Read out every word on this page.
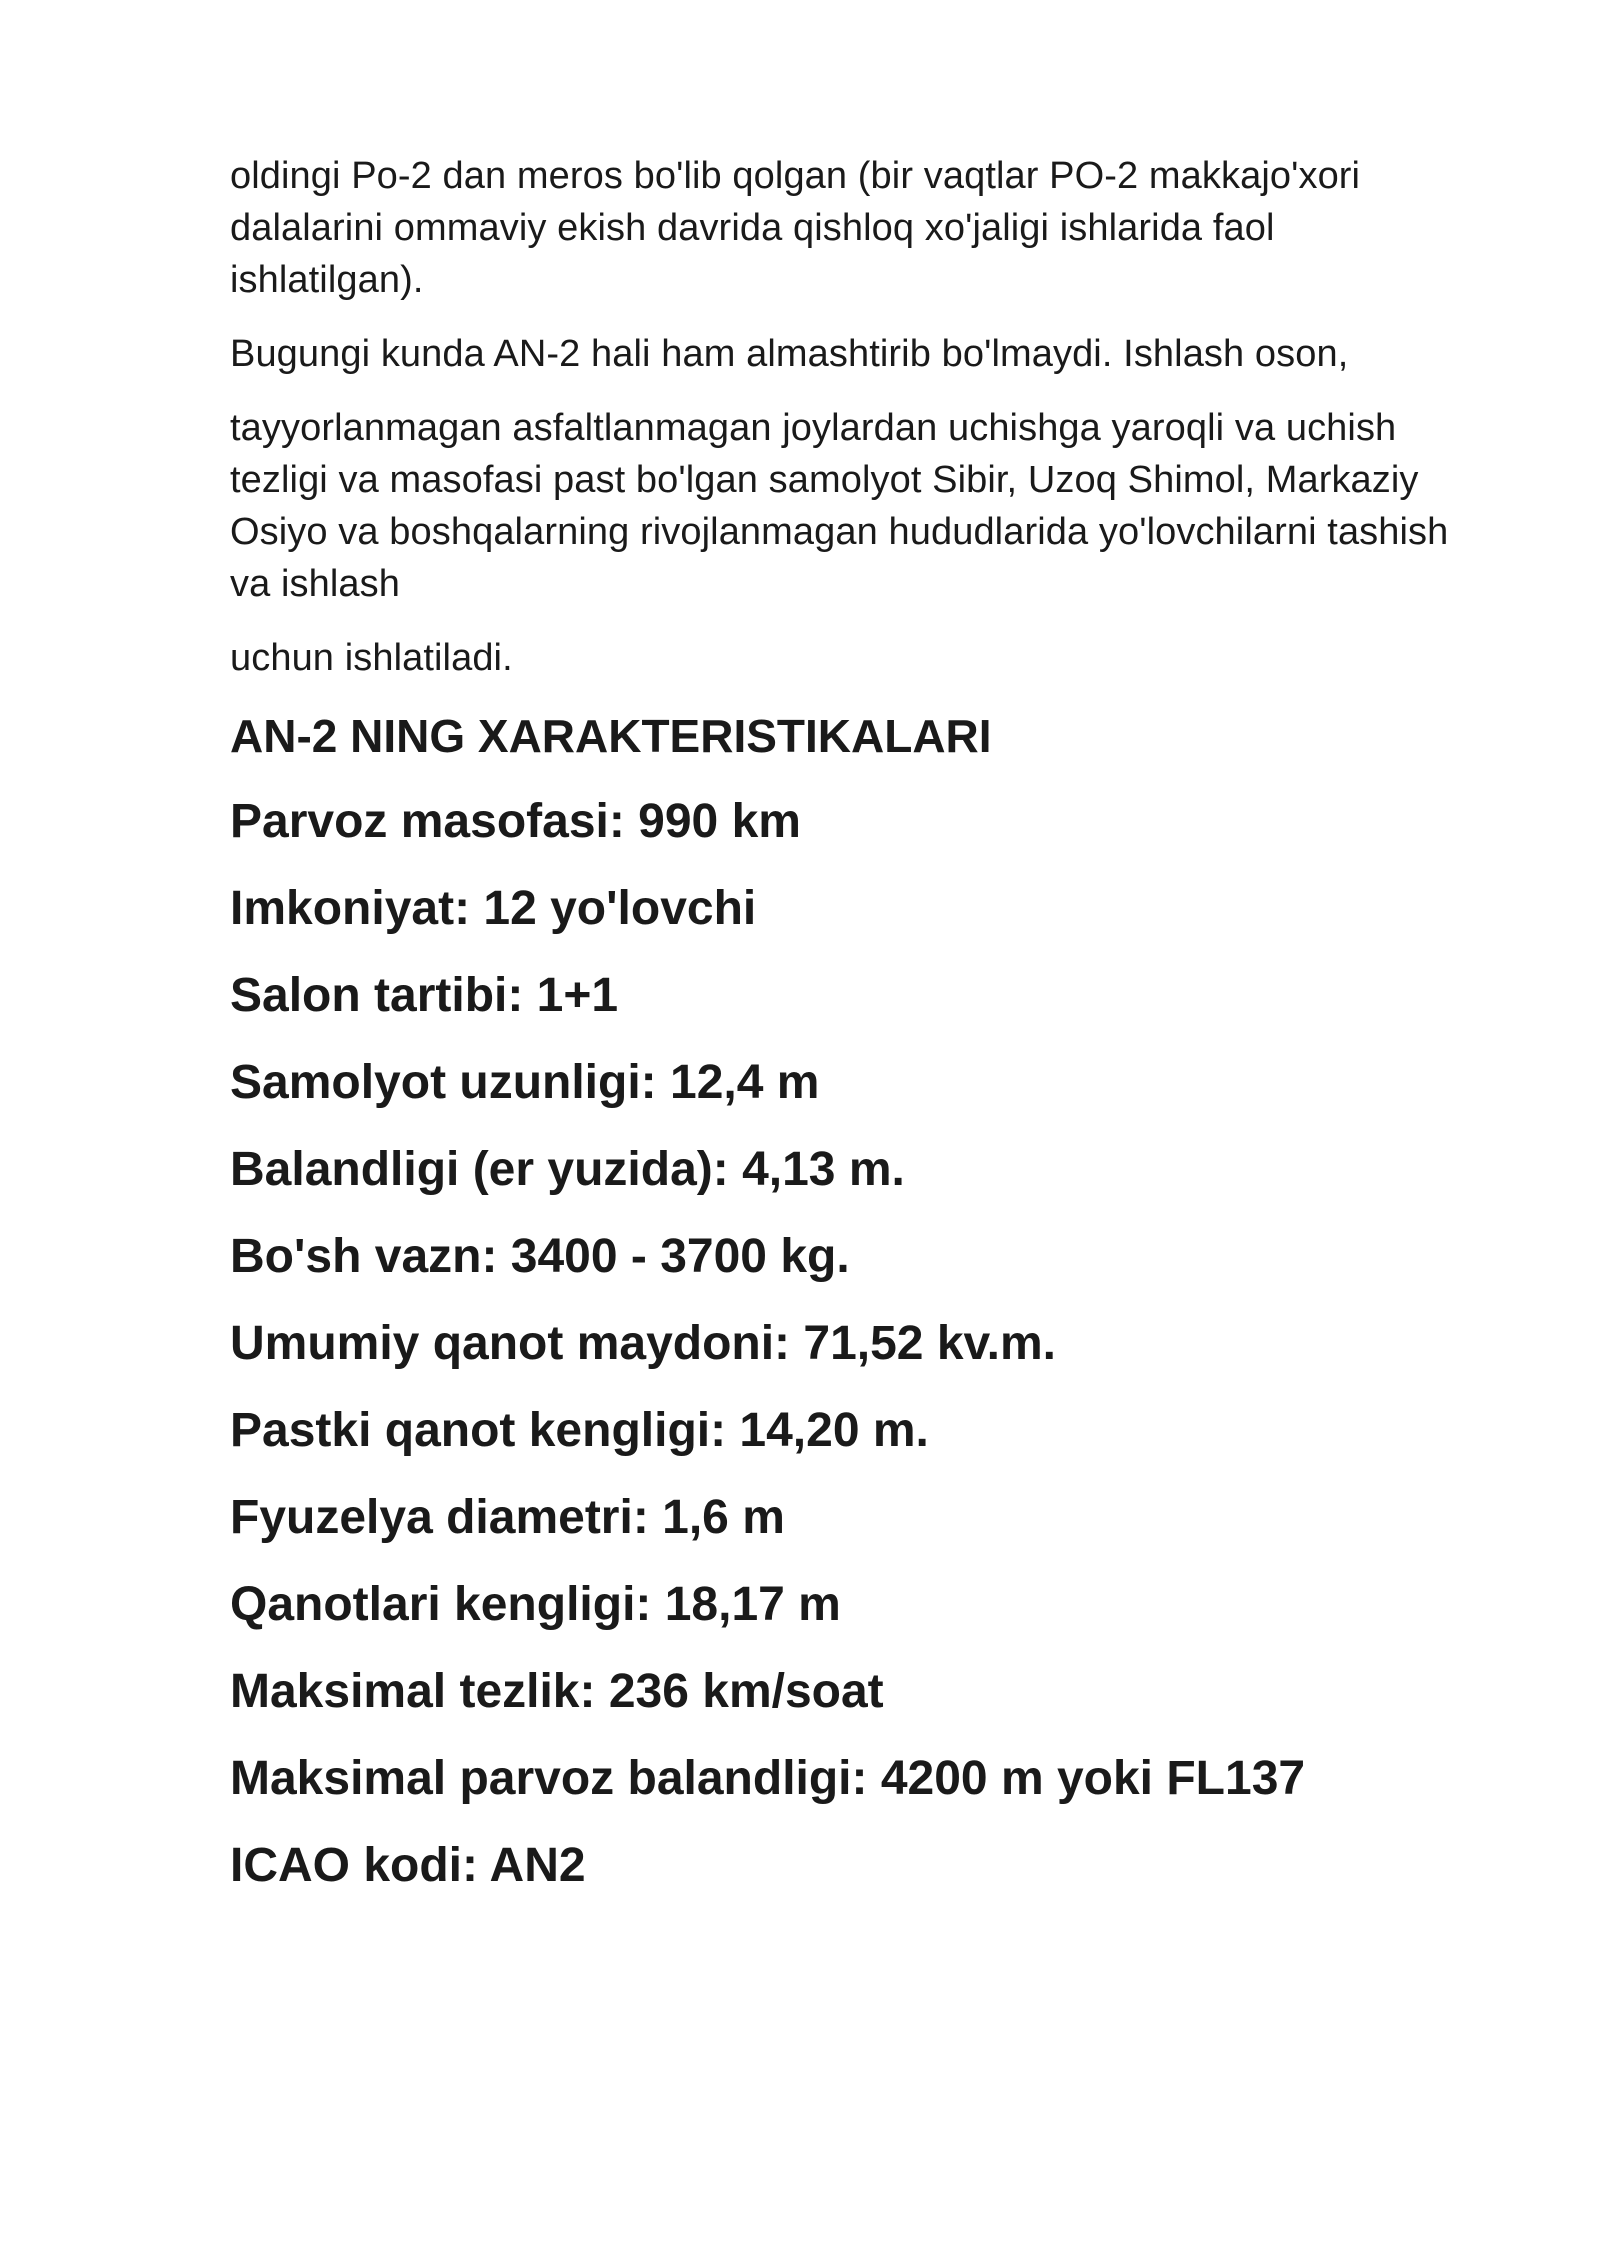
oldingi Po-2 dan meros bo'lib qolgan (bir vaqtlar PO-2 makkajo'xori dalalarini ommaviy ekish davrida qishloq xo'jaligi ishlarida faol ishlatilgan).

Bugungi kunda AN-2 hali ham almashtirib bo'lmaydi. Ishlash oson,

tayyorlanmagan asfaltlanmagan joylardan uchishga yaroqli va uchish tezligi va masofasi past bo'lgan samolyot Sibir, Uzoq Shimol, Markaziy Osiyo va boshqalarning rivojlanmagan hududlarida yo'lovchilarni tashish va ishlash

uchun ishlatiladi.

AN-2 NING XARAKTERISTIKALARI
Parvoz masofasi: 990 km
Imkoniyat: 12 yo'lovchi
Salon tartibi: 1+1
Samolyot uzunligi: 12,4 m
Balandligi (er yuzida): 4,13 m.
Bo'sh vazn: 3400 - 3700 kg.
Umumiy qanot maydoni: 71,52 kv.m.
Pastki qanot kengligi: 14,20 m.
Fyuzelya diametri: 1,6 m
Qanotlari kengligi: 18,17 m
Maksimal tezlik: 236 km/soat
Maksimal parvoz balandligi: 4200 m yoki FL137
ICAO kodi: AN2
